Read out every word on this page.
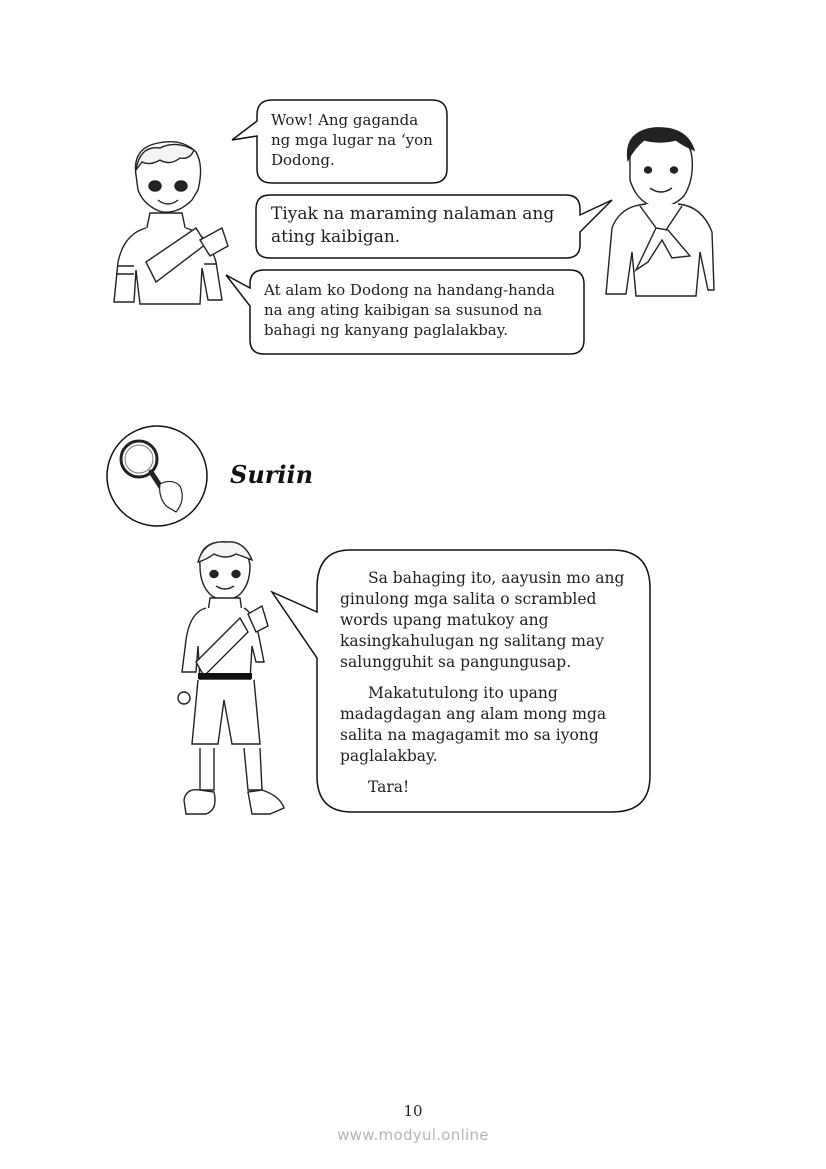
Wow! Ang gaganda ng mga lugar na ‘yon Dodong.
Tiyak na maraming nalaman ang ating kaibigan.
At alam ko Dodong na handang-handa na ang ating kaibigan sa susunod na bahagi ng kanyang paglalakbay.
Suriin

Sa bahaging ito, aayusin mo ang ginulong mga salita o scrambled words upang matukoy ang kasingkahulugan ng salitang may salungguhit sa pangungusap.

Makatutulong ito upang madagdagan ang alam mong mga salita na magagamit mo sa iyong paglalakbay.

Tara!

10
www.modyul.online
